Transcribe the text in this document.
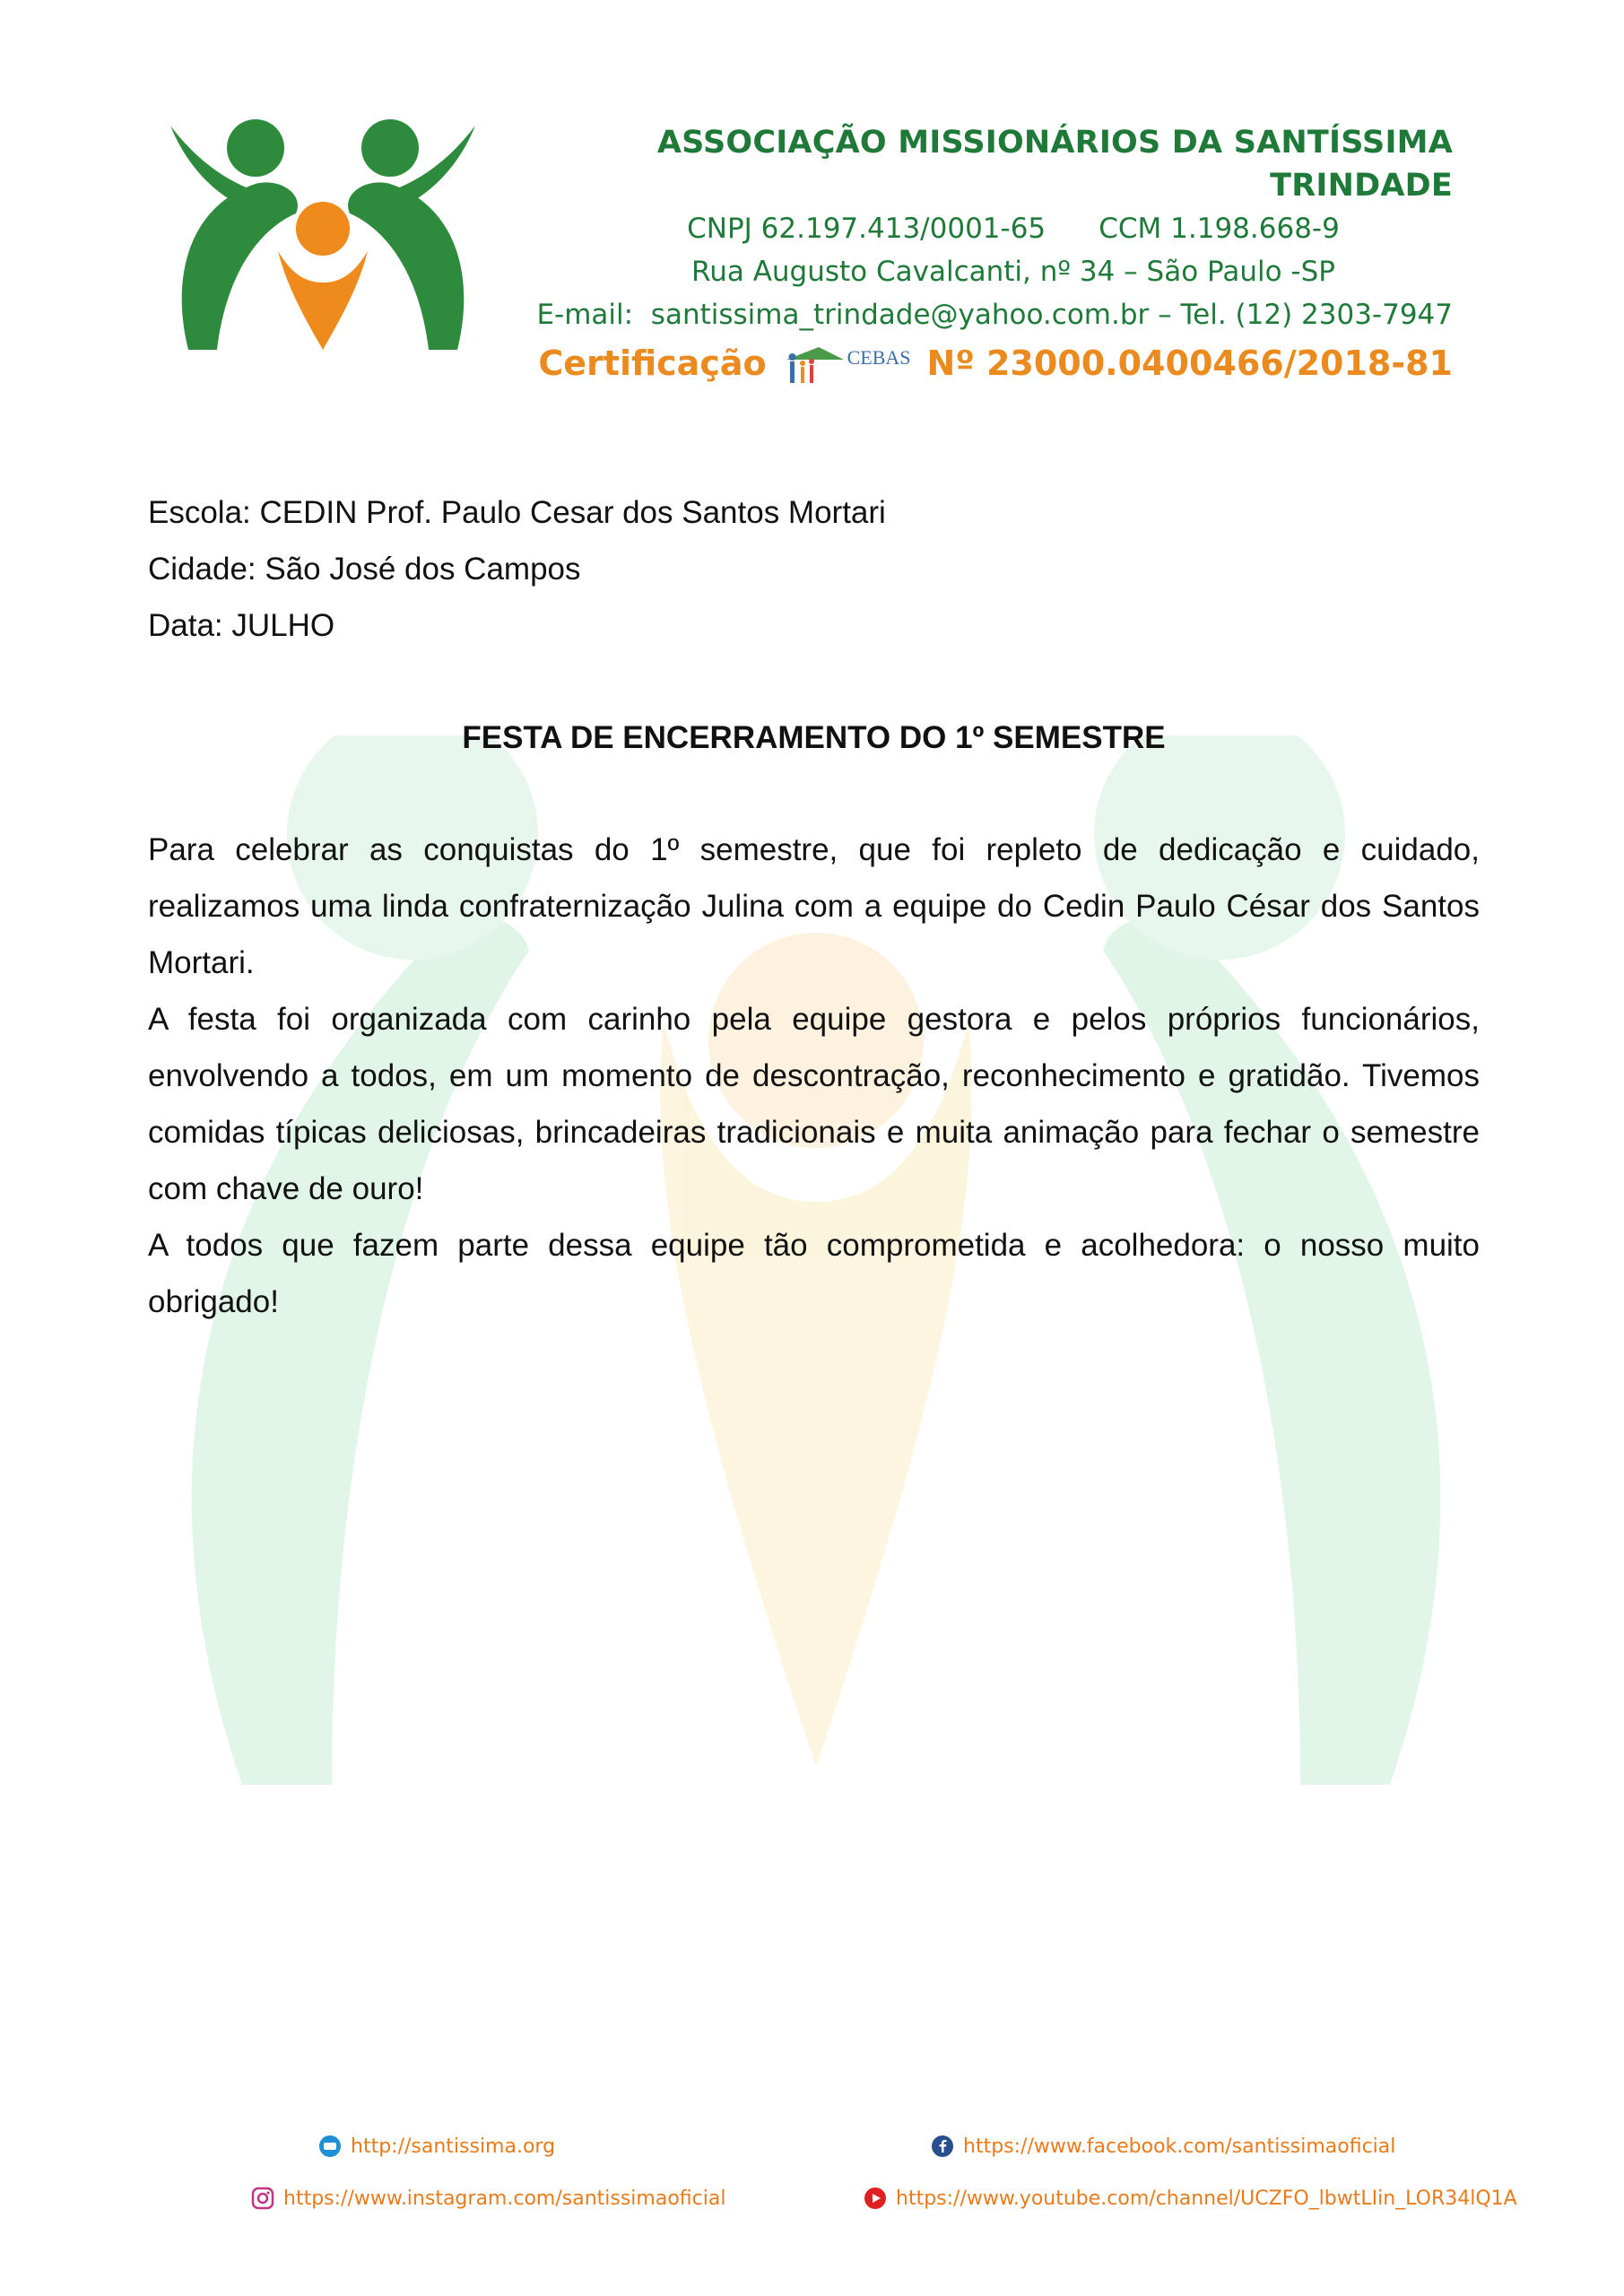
ASSOCIAÇÃO MISSIONÁRIOS DA SANTÍSSIMA TRINDADE
CNPJ 62.197.413/0001-65      CCM 1.198.668-9
Rua Augusto Cavalcanti, nº 34 – São Paulo -SP
E-mail:  santissima_trindade@yahoo.com.br – Tel. (12) 2303-7947
Certificação	CEBAS Nº 23000.0400466/2018-81
Escola: CEDIN Prof. Paulo Cesar dos Santos Mortari
Cidade: São José dos Campos
Data: JULHO
FESTA DE ENCERRAMENTO DO 1º SEMESTRE

Para celebrar as conquistas do 1º semestre, que foi repleto de dedicação e cuidado, realizamos uma linda confraternização Julina com a equipe do Cedin Paulo César dos Santos Mortari.

A festa foi organizada com carinho pela equipe gestora e pelos próprios funcionários, envolvendo a todos, em um momento de descontração, reconhecimento e gratidão. Tivemos comidas típicas deliciosas, brincadeiras tradicionais e muita animação para fechar o semestre com chave de ouro!

A todos que fazem parte dessa equipe tão comprometida e acolhedora: o nosso muito obrigado!

http://santissima.org	https://www.facebook.com/santissimaoficial
https://www.instagram.com/santissimaoficial	https://www.youtube.com/channel/UCZFO_lbwtLIin_LOR34lQ1A
